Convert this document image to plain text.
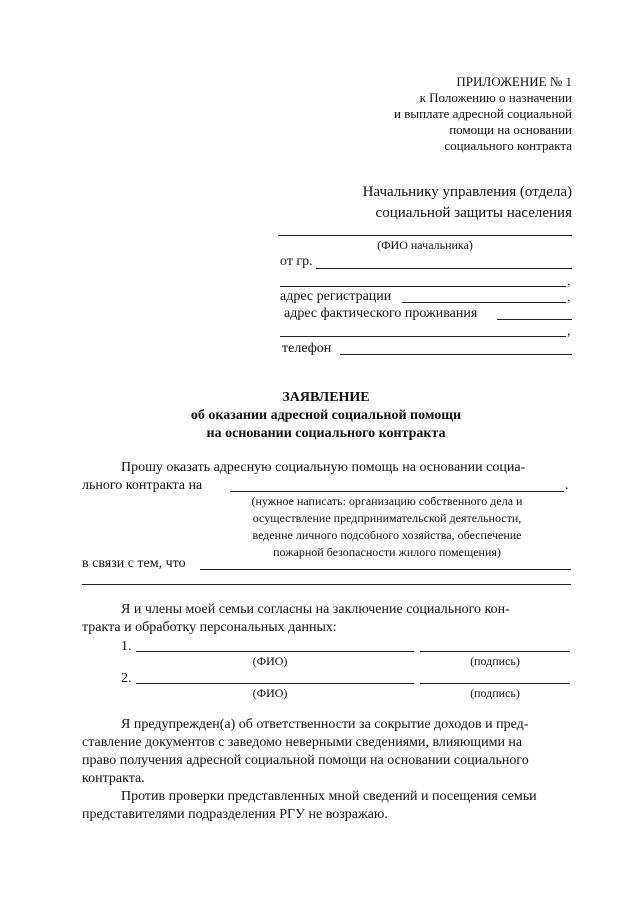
ПРИЛОЖЕНИЕ № 1
к Положению о назначении
и выплате адресной социальной
помощи на основании
социального контракта
Начальнику управления (отдела)
социальной защиты населения
(ФИО начальника)
от гр.
,
адрес регистрации	,
адрес фактического проживания
,
телефон
ЗАЯВЛЕНИЕ
об оказании адресной социальной помощи
на основании социального контракта
Прошу оказать адресную социальную помощь на основании социа-
льного контракта на	.
(нужное написать: организацию собственного дела и
осуществление предпринимательской деятельности,
веденне личного подсобного хозяйства, обеспечение
пожарной безопасности жилого помещения)
в связи с тем, что
Я и члены моей семьи согласны на заключение социального кон-
тракта и обработку персональных данных:
1.
(ФИО)	(подпись)
2.
(ФИО)	(подпись)
Я предупрежден(а) об ответственности за сокрытие доходов и пред-
ставление документов с заведомо неверными сведениями, влияющими на
право получения адресной социальной помощи на основании социального
контракта.
Против проверки представленных мной сведений и посещения семьи
представителями подразделения РГУ не возражаю.
